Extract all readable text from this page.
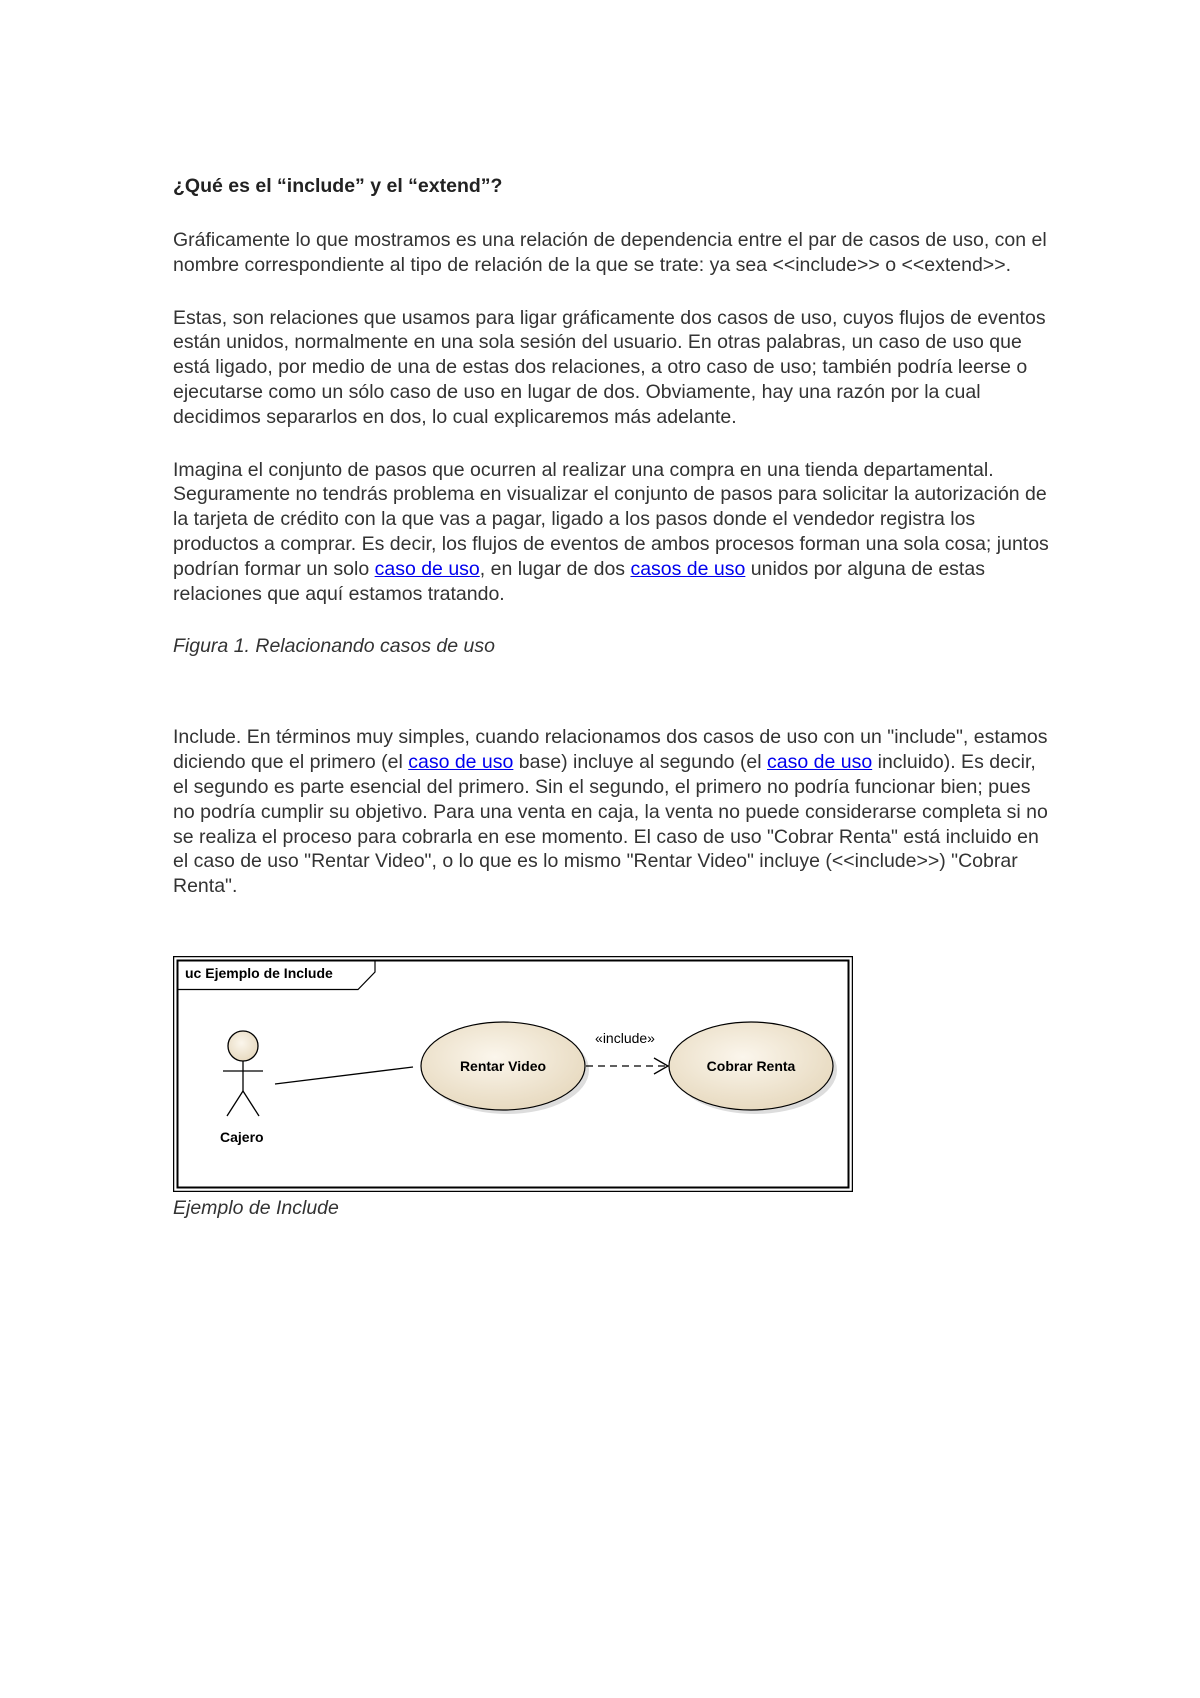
¿Qué es el “include” y el “extend”?

Gráficamente lo que mostramos es una relación de dependencia entre el par de casos de uso, con el nombre correspondiente al tipo de relación de la que se trate: ya sea <<include>> o <<extend>>.

Estas, son relaciones que usamos para ligar gráficamente dos casos de uso, cuyos flujos de eventos están unidos, normalmente en una sola sesión del usuario. En otras palabras, un caso de uso que está ligado, por medio de una de estas dos relaciones, a otro caso de uso; también podría leerse o ejecutarse como un sólo caso de uso en lugar de dos. Obviamente, hay una razón por la cual decidimos separarlos en dos, lo cual explicaremos más adelante.

Imagina el conjunto de pasos que ocurren al realizar una compra en una tienda departamental. Seguramente no tendrás problema en visualizar el conjunto de pasos para solicitar la autorización de la tarjeta de crédito con la que vas a pagar, ligado a los pasos donde el vendedor registra los productos a comprar. Es decir, los flujos de eventos de ambos procesos forman una sola cosa; juntos podrían formar un solo caso de uso, en lugar de dos casos de uso unidos por alguna de estas relaciones que aquí estamos tratando.

Figura 1. Relacionando casos de uso

Include. En términos muy simples, cuando relacionamos dos casos de uso con un "include", estamos diciendo que el primero (el caso de uso base) incluye al segundo (el caso de uso incluido). Es decir, el segundo es parte esencial del primero. Sin el segundo, el primero no podría funcionar bien; pues no podría cumplir su objetivo. Para una venta en caja, la venta no puede considerarse completa si no se realiza el proceso para cobrarla en ese momento. El caso de uso "Cobrar Renta" está incluido en el caso de uso "Rentar Video", o lo que es lo mismo "Rentar Video" incluye (<<include>>) "Cobrar Renta".

uc Ejemplo de Include
Cajero
Rentar Video	Cobrar Renta
«include»

Ejemplo de Include
